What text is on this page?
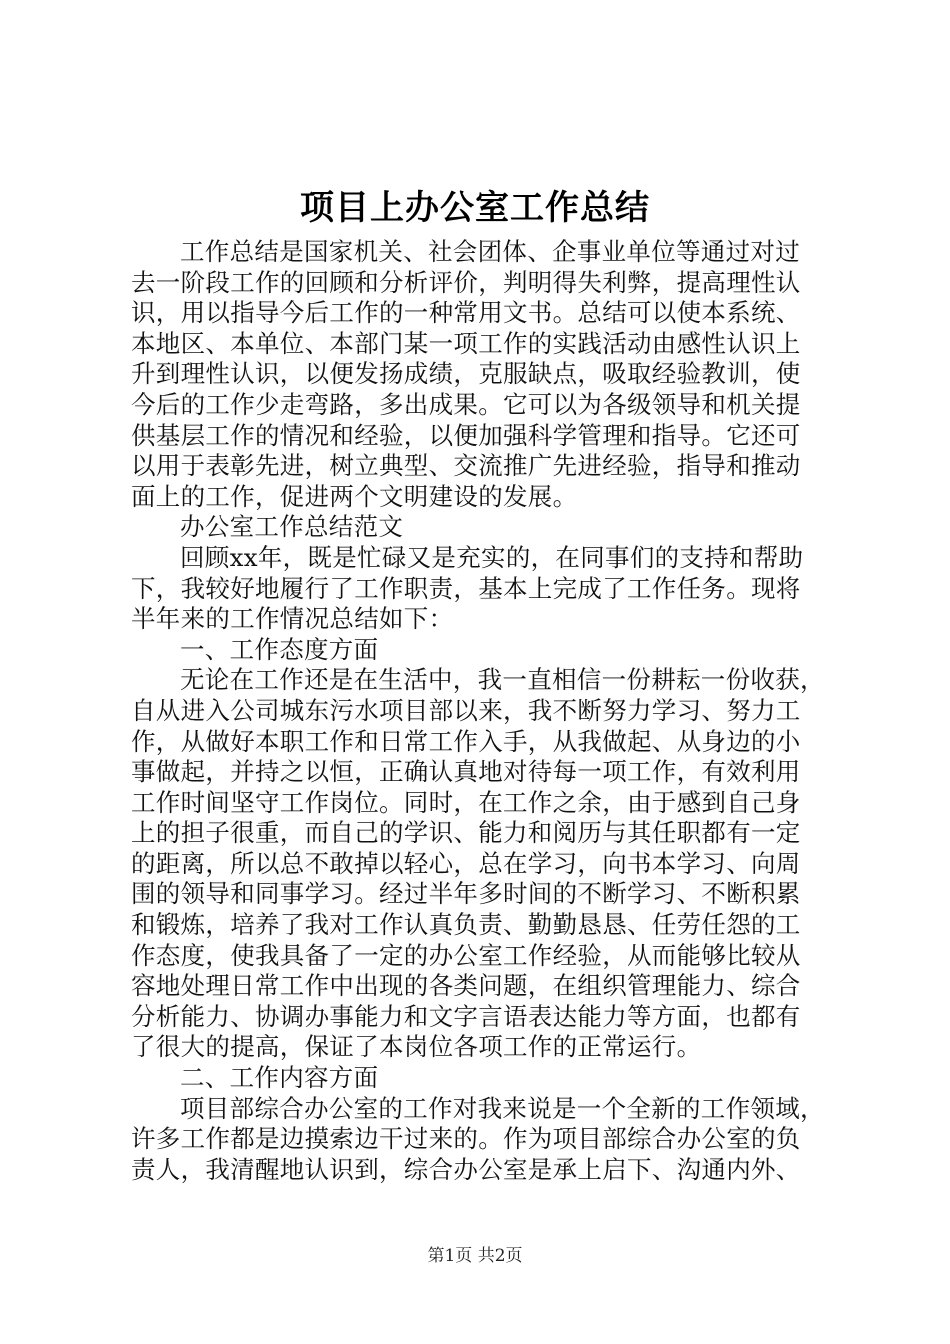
项目上办公室工作总结

工作总结是国家机关、社会团体、企事业单位等通过对过
去一阶段工作的回顾和分析评价，判明得失利弊，提高理性认
识，用以指导今后工作的一种常用文书。总结可以使本系统、
本地区、本单位、本部门某一项工作的实践活动由感性认识上
升到理性认识，以便发扬成绩，克服缺点，吸取经验教训，使
今后的工作少走弯路，多出成果。它可以为各级领导和机关提
供基层工作的情况和经验，以便加强科学管理和指导。它还可
以用于表彰先进，树立典型、交流推广先进经验，指导和推动
面上的工作，促进两个文明建设的发展。

办公室工作总结范文

回顾xx年，既是忙碌又是充实的，在同事们的支持和帮助
下，我较好地履行了工作职责，基本上完成了工作任务。现将
半年来的工作情况总结如下：

一、工作态度方面

无论在工作还是在生活中，我一直相信一份耕耘一份收获，
自从进入公司城东污水项目部以来，我不断努力学习、努力工
作，从做好本职工作和日常工作入手，从我做起、从身边的小
事做起，并持之以恒，正确认真地对待每一项工作，有效利用
工作时间坚守工作岗位。同时，在工作之余，由于感到自己身
上的担子很重，而自己的学识、能力和阅历与其任职都有一定
的距离，所以总不敢掉以轻心，总在学习，向书本学习、向周
围的领导和同事学习。经过半年多时间的不断学习、不断积累
和锻炼，培养了我对工作认真负责、勤勤恳恳、任劳任怨的工
作态度，使我具备了一定的办公室工作经验，从而能够比较从
容地处理日常工作中出现的各类问题，在组织管理能力、综合
分析能力、协调办事能力和文字言语表达能力等方面，也都有
了很大的提高，保证了本岗位各项工作的正常运行。

二、工作内容方面

项目部综合办公室的工作对我来说是一个全新的工作领域，
许多工作都是边摸索边干过来的。作为项目部综合办公室的负
责人，我清醒地认识到，综合办公室是承上启下、沟通内外、

第1页 共2页
